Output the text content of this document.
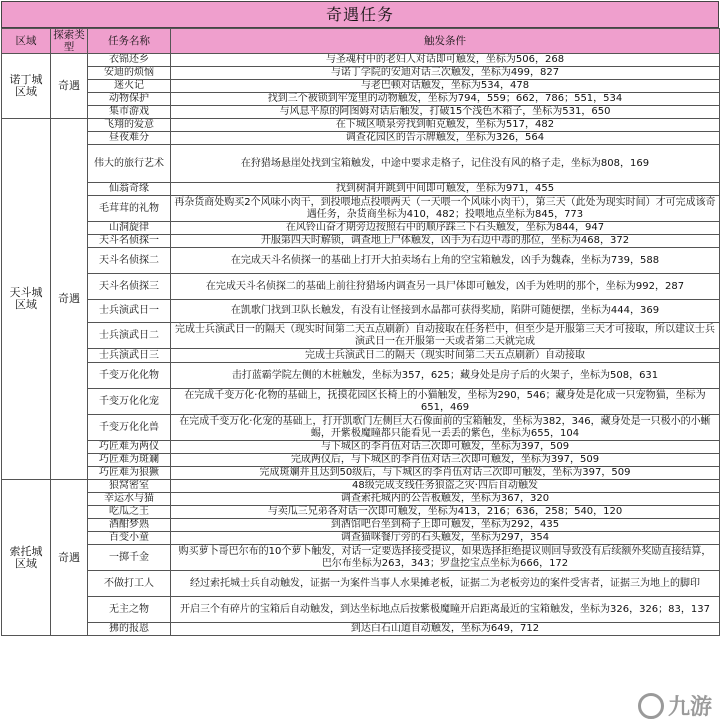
奇遇任务
区域	探索类型	任务名称	触发条件
诺丁城区域	奇遇	衣锦还乡	与圣魂村中的老妇人对话即可触发，坐标为506，268
		安迪的烦恼	与诺丁学院的安迪对话三次触发，坐标为499，827
		迷火记	与老巴顿对话触发，坐标为534，478
		动物保护	找到三个被锁到牢笼里的动物触发，坐标为794，559；662，786；551，534
		集市游戏	与风息平原的阿图姆对话后触发，打破15个浅色木箱子，坐标为531，650
天斗城区域	奇遇	飞翔的爱意	在下城区喷泉旁找到帕克触发，坐标为517，482
		昼夜难分	调查花园区的告示牌触发，坐标为326，564
		伟大的旅行艺术	在狩猎场悬崖处找到宝箱触发，中途中要求走格子，记住没有风的格子走，坐标为808，169
		仙翁奇缘	找到树洞并跳到中间即可触发，坐标为971，455
		毛茸茸的礼物	再杂货商处购买2个风味小肉干，到投喂地点投喂两天（一天喂一个风味小肉干），第三天（此处为现实时间）才可完成该奇遇任务，杂货商坐标为410，482；投喂地点坐标为845，773
		山洞旋律	在风铃山奋才期旁边按照右中的顺序踩三下石头触发，坐标为844，947
		天斗名侦探一	开服第四天时解锁，调查地上尸体触发，凶手为右边中毒的那位，坐标为468，372
		天斗名侦探二	在完成天斗名侦探一的基础上打开大拍卖场右上角的空宝箱触发，凶手为魏森，坐标为739，588
		天斗名侦探三	在完成天斗名侦探二的基础上前往狩猎场内调查另一具尸体即可触发，凶手为姓明的那个，坐标为992，287
		士兵演武日一	在凯歌门找到卫队长触发，有没有让怪接到水晶都可获得奖励，陷阱可随便摆，坐标为444，369
		士兵演武日二	完成士兵演武日一的隔天（现实时间第二天五点刷新）自动接取在任务栏中，但至少是开服第三天才可接取，所以建议士兵演武日一在开服第一天或者第二天就完成
		士兵演武日三	完成士兵演武日二的隔天（现实时间第二天五点刷新）自动接取
		千变万化化物	击打蓝霸学院左侧的木桩触发，坐标为357，625；藏身处是房子后的火架子，坐标为508，631
		千变万化化宠	在完成千变万化·化物的基础上，抚摸花园区长椅上的小猫触发，坐标为290，546；藏身处是化成一只宠物猫，坐标为651，469
		千变万化化兽	在完成千变万化·化宠的基础上，打开凯歌门左侧巨大石像面前的宝箱触发，坐标为382，346，藏身处是一只极小的小蜥蜴，开紫极魔瞳都只能看见一丢丢的紫色，坐标为655，104
		巧匠难为两仪	与下城区的李肖伍对话三次即可触发，坐标为397，509
		巧匠难为斑斓	完成两仪后，与下城区的李肖伍对话三次即可触发，坐标为397，509
		巧匠难为狼獗	完成斑斓并且达到50级后，与下城区的李肖伍对话三次即可触发，坐标为397，509
索托城区域	奇遇	狼窝密室	48级完成支线任务狼盗之灾·四后自动触发
		幸运水与猫	调查索托城内的公告板触发，坐标为367，320
		吃瓜之王	与卖瓜三兄弟各对话一次即可触发，坐标为413，216；636，258；540，120
		酒酣梦熟	到酒馆吧台坐到椅子上即可触发，坐标为292，435
		百变小童	调查猫咪餐厅旁的石头触发，坐标为297，354
		一掷千金	购买萝卜哥巴尔布的10个萝卜触发，对话一定要选择接受提议，如果选择拒绝提议则回导致没有后续额外奖励直接结算，巴尔布坐标为263，343；罗盘挖宝点坐标为666，172
		不做打工人	经过索托城士兵自动触发，证据一为案件当事人水果摊老板，证据二为老板旁边的案件受害者，证据三为地上的脚印
		无主之物	开启三个有碎片的宝箱后自动触发，到达坐标地点后按紫极魔瞳开启距离最近的宝箱触发，坐标为326，326；83，137
		狒的报恩	到达白石山道自动触发，坐标为649，712
九游
